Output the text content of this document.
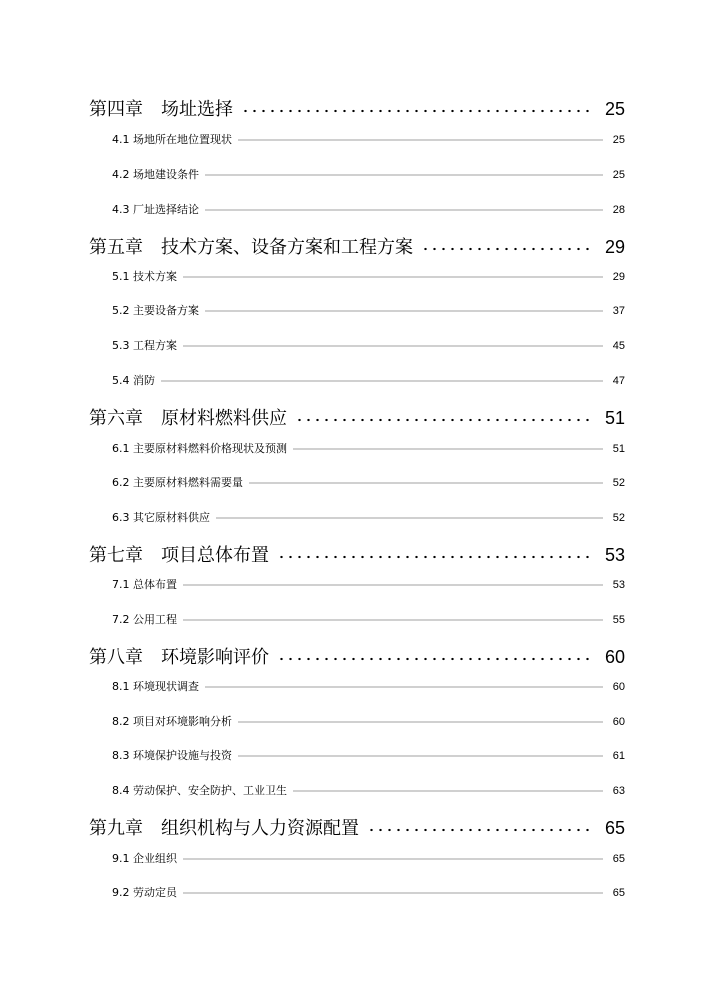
第四章　场址选择	25
4.1 场地所在地位置现状	25
4.2 场地建设条件	25
4.3 厂址选择结论	28
第五章　技术方案、设备方案和工程方案	29
5.1 技术方案	29
5.2 主要设备方案	37
5.3 工程方案	45
5.4 消防	47
第六章　原材料燃料供应	51
6.1 主要原材料燃料价格现状及预测	51
6.2 主要原材料燃料需要量	52
6.3 其它原材料供应	52
第七章　项目总体布置	53
7.1 总体布置	53
7.2 公用工程	55
第八章　环境影响评价	60
8.1 环境现状调查	60
8.2 项目对环境影响分析	60
8.3 环境保护设施与投资	61
8.4 劳动保护、安全防护、工业卫生	63
第九章　组织机构与人力资源配置	65
9.1 企业组织	65
9.2 劳动定员	65
